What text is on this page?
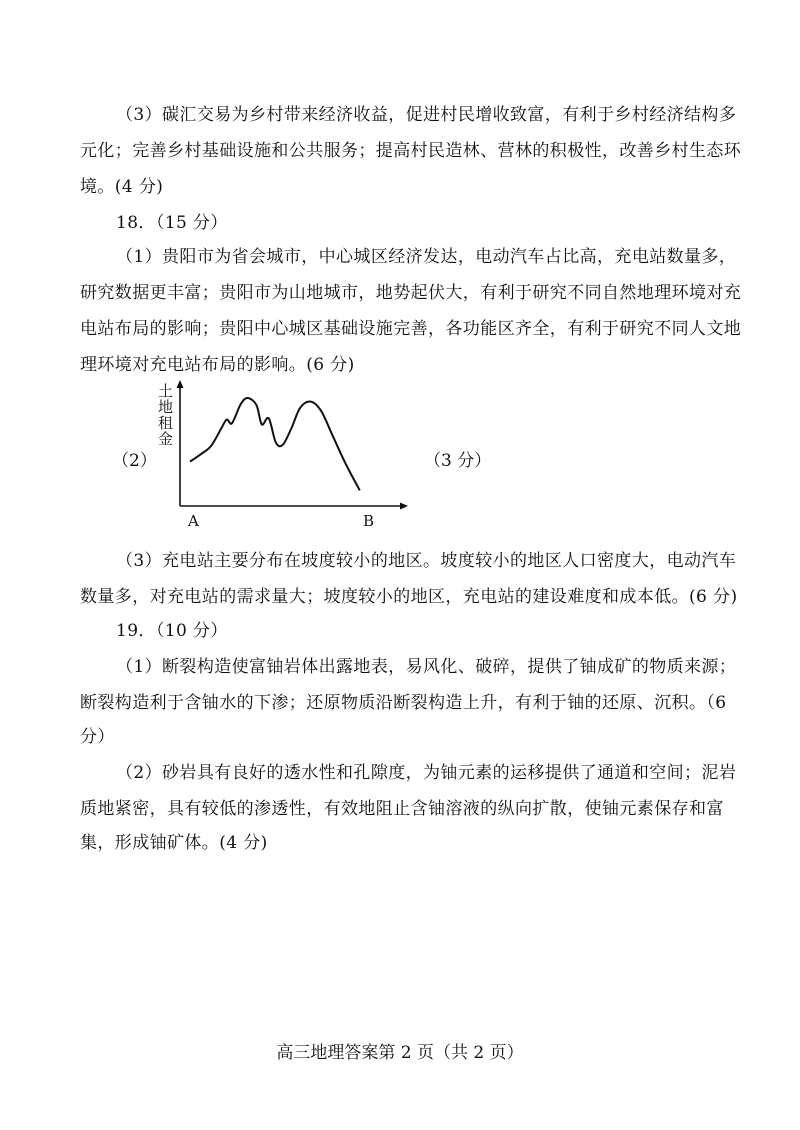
（3）碳汇交易为乡村带来经济收益，促进村民增收致富，有利于乡村经济结构多
元化；完善乡村基础设施和公共服务；提高村民造林、营林的积极性，改善乡村生态环
境。(4 分)
18．（15 分）
（1）贵阳市为省会城市，中心城区经济发达，电动汽车占比高，充电站数量多，
研究数据更丰富；贵阳市为山地城市，地势起伏大，有利于研究不同自然地理环境对充
电站布局的影响；贵阳中心城区基础设施完善，各功能区齐全，有利于研究不同人文地
理环境对充电站布局的影响。(6 分)
（2）	（3 分）
土
地
租
金
A	B
（3）充电站主要分布在坡度较小的地区。坡度较小的地区人口密度大，电动汽车
数量多，对充电站的需求量大；坡度较小的地区，充电站的建设难度和成本低。(6 分)
19．（10 分）
（1）断裂构造使富铀岩体出露地表，易风化、破碎，提供了铀成矿的物质来源；
断裂构造利于含铀水的下渗；还原物质沿断裂构造上升，有利于铀的还原、沉积。（6
分）
（2）砂岩具有良好的透水性和孔隙度，为铀元素的运移提供了通道和空间；泥岩
质地紧密，具有较低的渗透性，有效地阻止含铀溶液的纵向扩散，使铀元素保存和富
集，形成铀矿体。(4 分)
高三地理答案第 2 页（共 2 页）
